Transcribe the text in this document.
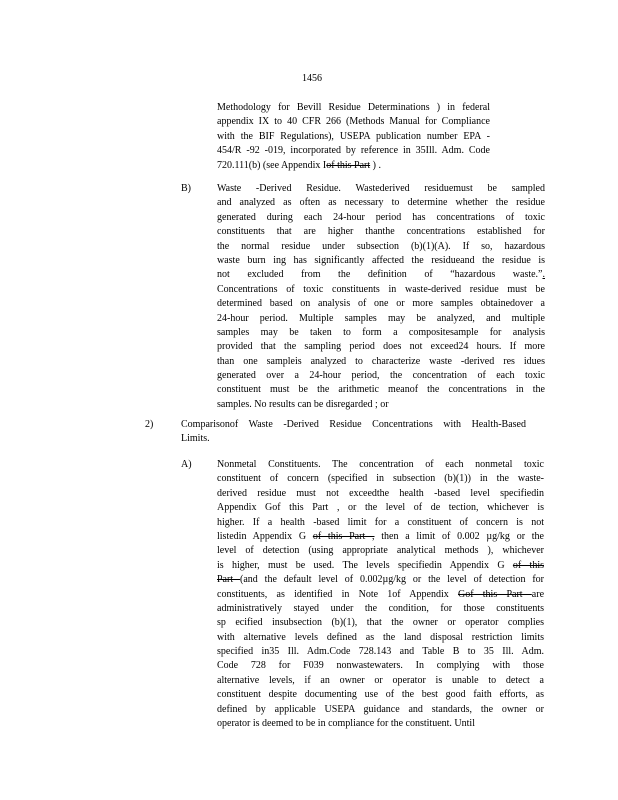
1456
Methodology for Bevill Residue Determinations ) in federal
appendix IX to 40 CFR 266 (Methods Manual for Compliance
with the BIF Regulations), USEPA publication number EPA -
454/R -92 -019, incorporated by reference in 35Ill. Adm. Code
720.111(b) (see Appendix Iof this Part ) .
B)	Waste -Derived Residue. Wastederived residuemust be sampled
and analyzed as often as necessary to determine whether the residue
generated during each 24-hour period has concentrations of toxic
constituents that are higher thanthe concentrations established for
the normal residue under subsection (b)(1)(A). If so, hazardous
waste burn ing has significantly affected the residueand the residue is
not excluded from the definition of “hazardous waste.”.
Concentrations of toxic constituents in waste-derived residue must be
determined based on analysis of one or more samples obtainedover a
24-hour period. Multiple samples may be analyzed, and multiple
samples may be taken to form a compositesample for analysis
provided that the sampling period does not exceed24 hours. If more
than one sampleis analyzed to characterize waste -derived res idues
generated over a 24-hour period, the concentration of each toxic
constituent must be the arithmetic meanof the concentrations in the
samples. No results can be disregarded ; or
2)	Comparisonof Waste -Derived Residue Concentrations with Health-Based
Limits.
A)	Nonmetal Constituents. The concentration of each nonmetal toxic
constituent of concern (specified in subsection (b)(1)) in the waste-
derived residue must not exceedthe health -based level specifiedin
Appendix Gof this Part , or the level of de tection, whichever is
higher. If a health -based limit for a constituent of concern is not
listedin Appendix G of this Part , then a limit of 0.002 µg/kg or the
level of detection (using appropriate analytical methods ), whichever
is higher, must be used. The levels specifiedin Appendix G of this
Part (and the default level of 0.002µg/kg or the level of detection for
constituents, as identified in Note 1of Appendix Gof this Part are
administratively stayed under the condition, for those constituents
sp ecified insubsection (b)(1), that the owner or operator complies
with alternative levels defined as the land disposal restriction limits
specified in35 Ill. Adm.Code 728.143 and Table B to 35 Ill. Adm.
Code 728 for F039 nonwastewaters. In complying with those
alternative levels, if an owner or operator is unable to detect a
constituent despite documenting use of the best good faith efforts, as
defined by applicable USEPA guidance and standards, the owner or
operator is deemed to be in compliance for the constituent. Until
